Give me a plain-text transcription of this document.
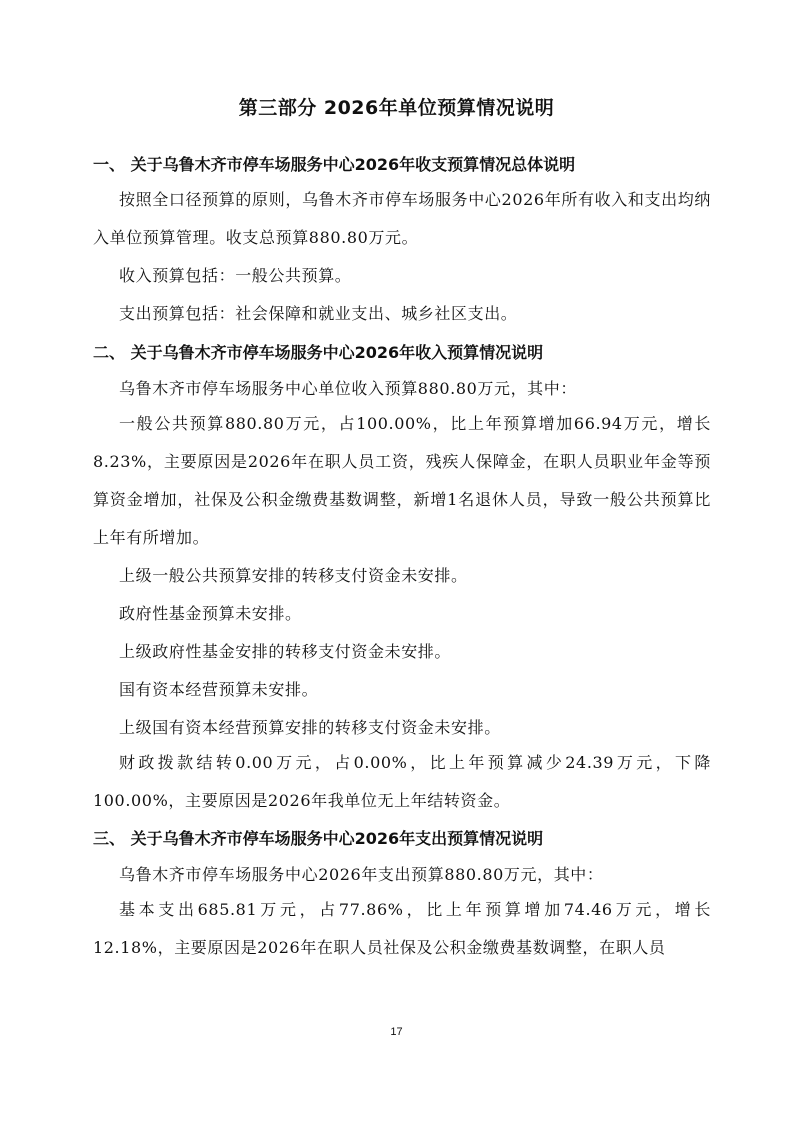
第三部分 2026年单位预算情况说明
一、 关于乌鲁木齐市停车场服务中心2026年收支预算情况总体说明
按照全口径预算的原则，乌鲁木齐市停车场服务中心2026年所有收入和支出均纳入单位预算管理。收支总预算880.80万元。
收入预算包括：一般公共预算。
支出预算包括：社会保障和就业支出、城乡社区支出。
二、 关于乌鲁木齐市停车场服务中心2026年收入预算情况说明
乌鲁木齐市停车场服务中心单位收入预算880.80万元，其中：
一般公共预算880.80万元，占100.00%，比上年预算增加66.94万元，增长8.23%，主要原因是2026年在职人员工资，残疾人保障金，在职人员职业年金等预算资金增加，社保及公积金缴费基数调整，新增1名退休人员，导致一般公共预算比上年有所增加。
上级一般公共预算安排的转移支付资金未安排。
政府性基金预算未安排。
上级政府性基金安排的转移支付资金未安排。
国有资本经营预算未安排。
上级国有资本经营预算安排的转移支付资金未安排。
财政拨款结转0.00万元，占0.00%，比上年预算减少24.39万元，下降100.00%，主要原因是2026年我单位无上年结转资金。
三、 关于乌鲁木齐市停车场服务中心2026年支出预算情况说明
乌鲁木齐市停车场服务中心2026年支出预算880.80万元，其中：
基本支出685.81万元，占77.86%，比上年预算增加74.46万元，增长12.18%，主要原因是2026年在职人员社保及公积金缴费基数调整，在职人员
17
